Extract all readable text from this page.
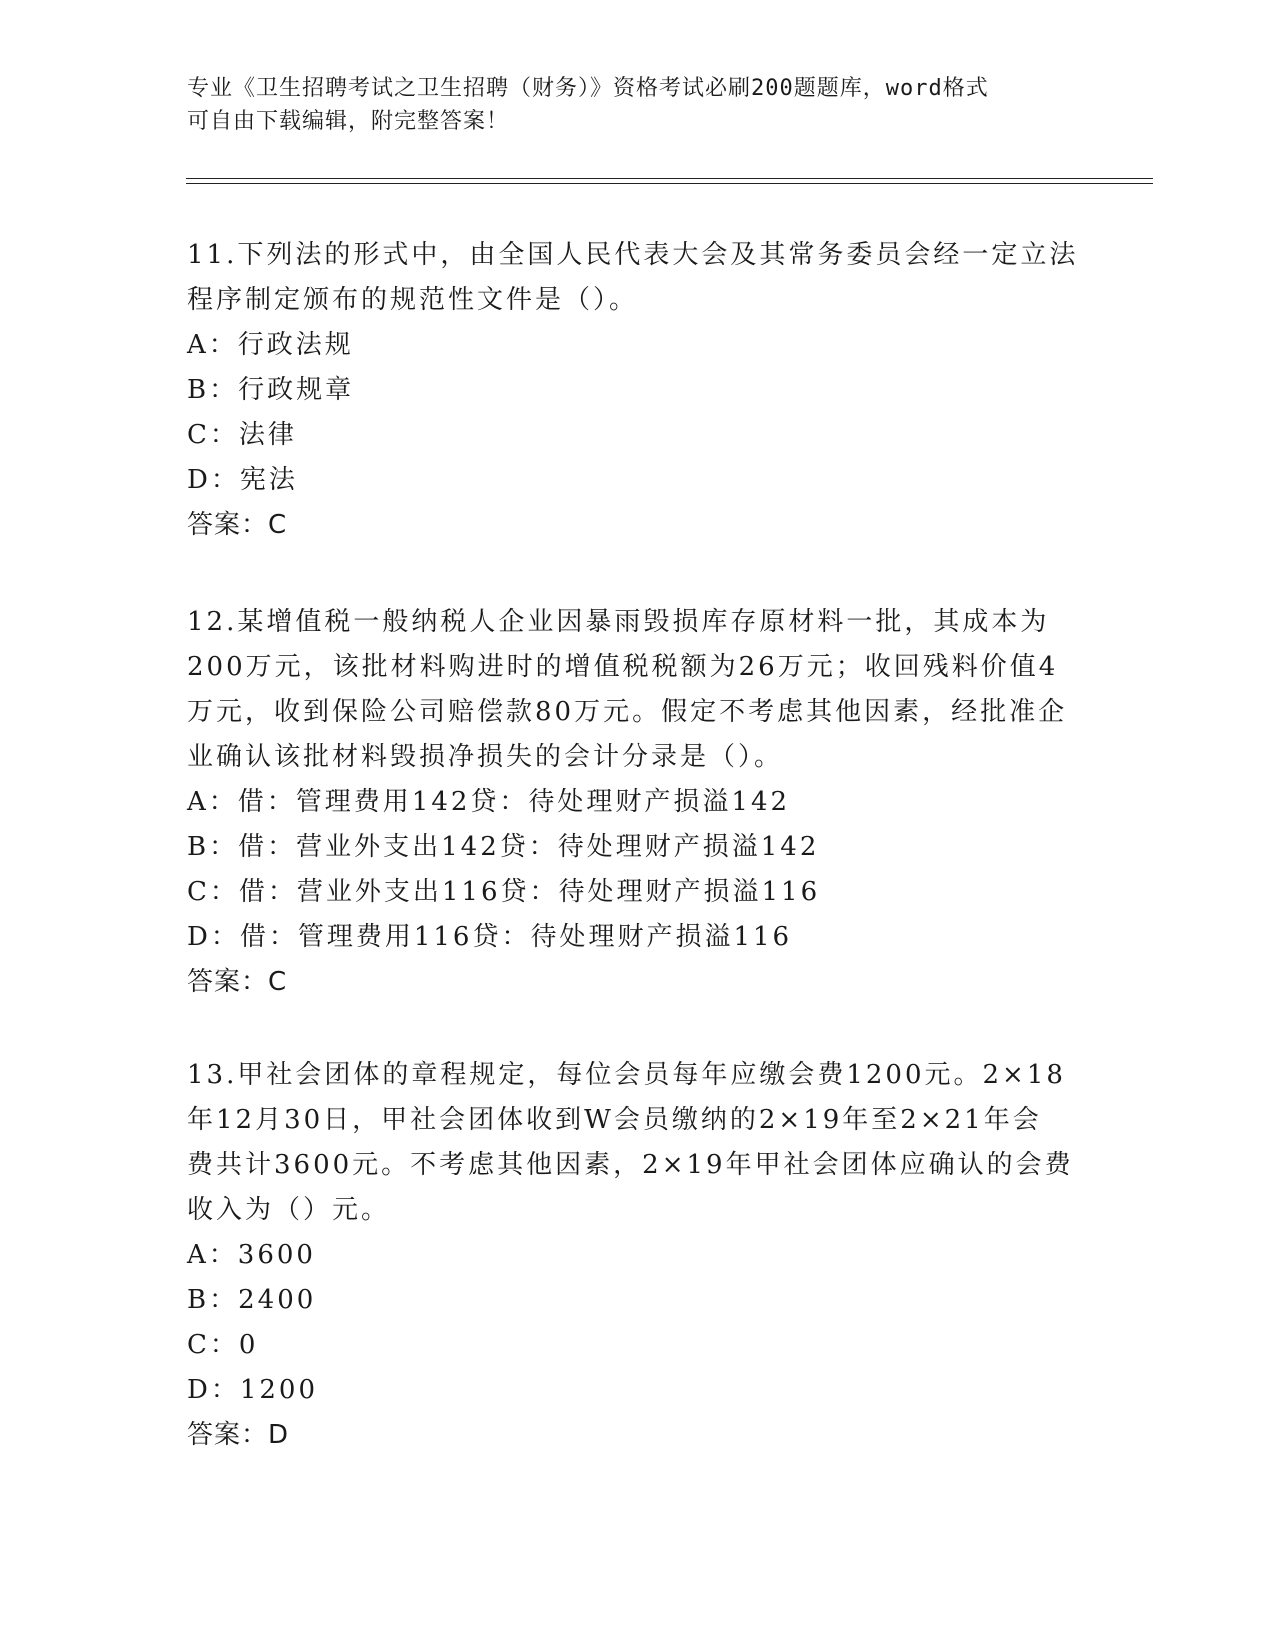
专业《卫生招聘考试之卫生招聘（财务）》资格考试必刷200题题库，word格式
可自由下载编辑，附完整答案！
11.下列法的形式中，由全国人民代表大会及其常务委员会经一定立法
程序制定颁布的规范性文件是（）。
A：行政法规
B：行政规章
C：法律
D：宪法
答案：C
12.某增值税一般纳税人企业因暴雨毁损库存原材料一批，其成本为
200万元，该批材料购进时的增值税税额为26万元；收回残料价值4
万元，收到保险公司赔偿款80万元。假定不考虑其他因素，经批准企
业确认该批材料毁损净损失的会计分录是（）。
A：借：管理费用142贷：待处理财产损溢142
B：借：营业外支出142贷：待处理财产损溢142
C：借：营业外支出116贷：待处理财产损溢116
D：借：管理费用116贷：待处理财产损溢116
答案：C
13.甲社会团体的章程规定，每位会员每年应缴会费1200元。2×18
年12月30日，甲社会团体收到W会员缴纳的2×19年至2×21年会
费共计3600元。不考虑其他因素，2×19年甲社会团体应确认的会费
收入为（）元。
A：3600
B：2400
C：0
D：1200
答案：D
